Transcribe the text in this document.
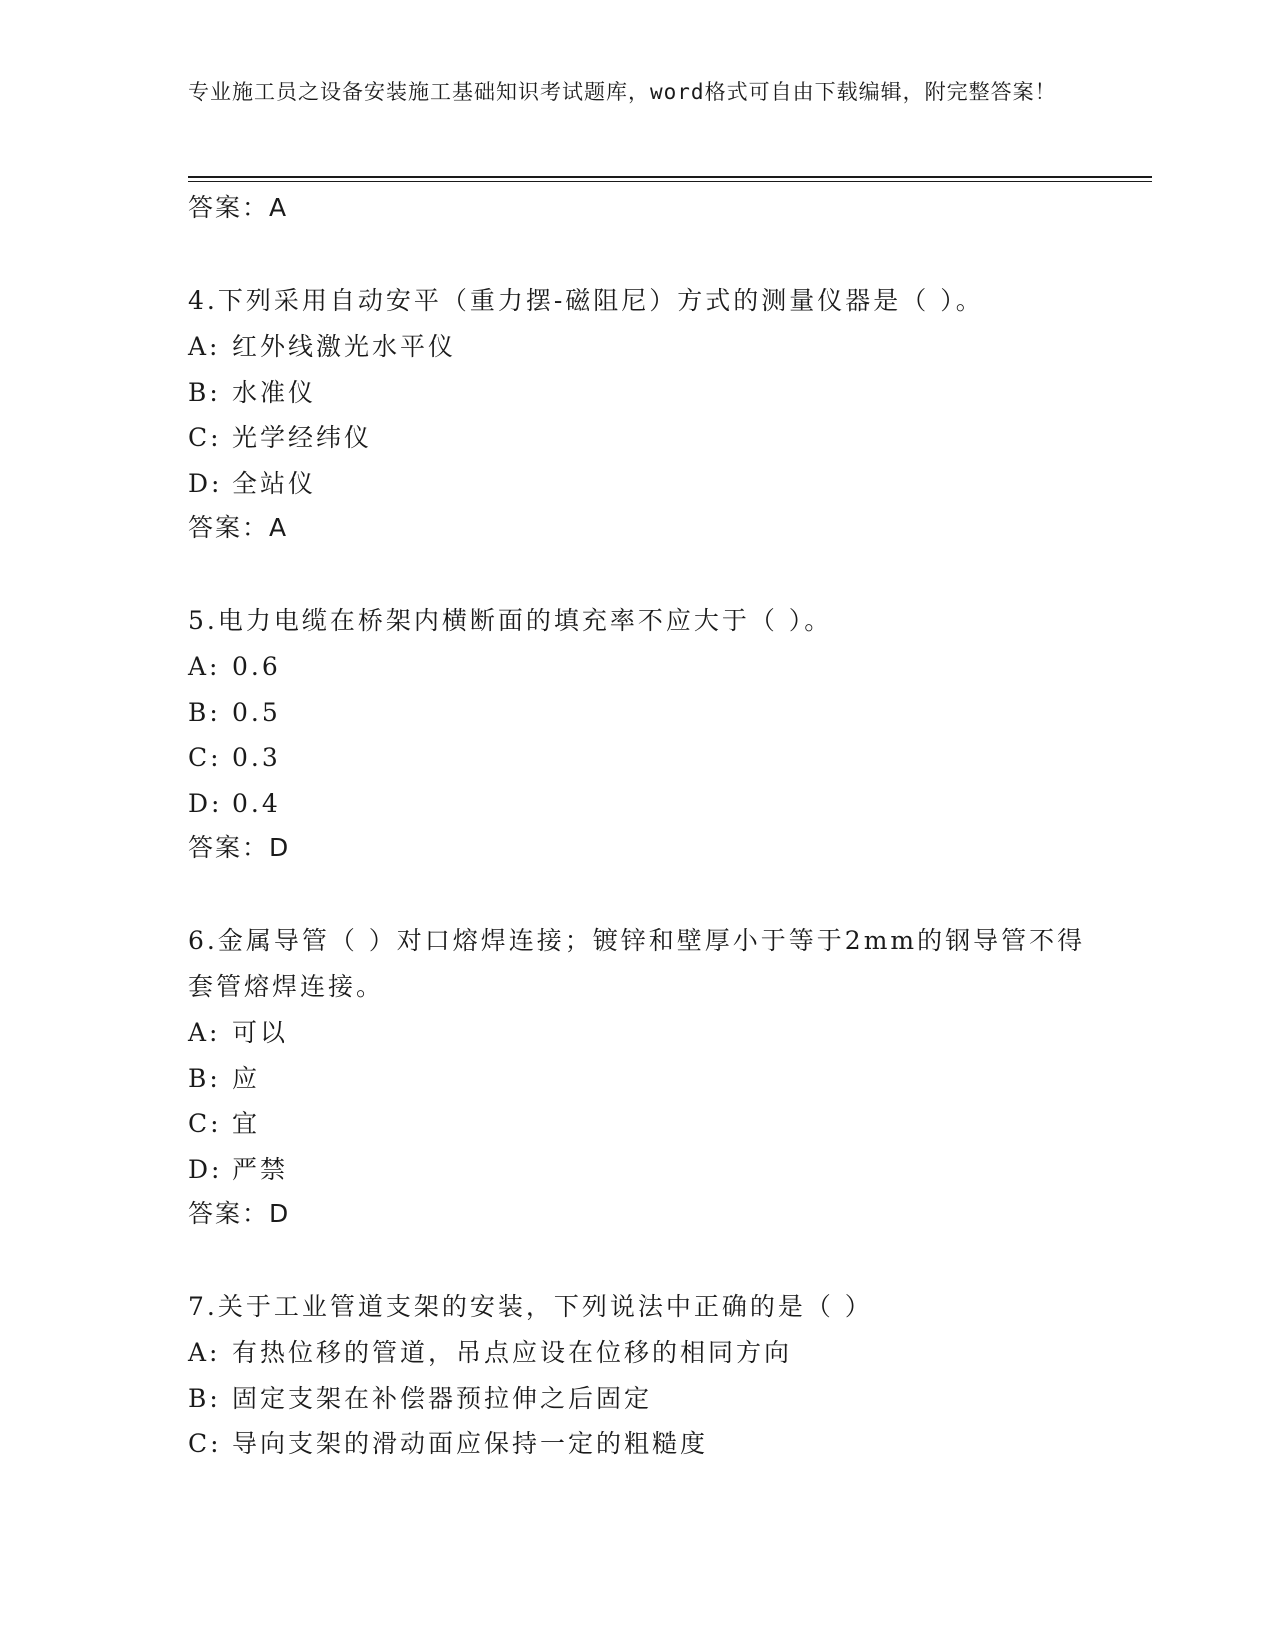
专业施工员之设备安装施工基础知识考试题库，word格式可自由下载编辑，附完整答案！
答案：A
4.下列采用自动安平（重力摆-磁阻尼）方式的测量仪器是（ ）。
A: 红外线激光水平仪
B: 水准仪
C: 光学经纬仪
D: 全站仪
答案：A
5.电力电缆在桥架内横断面的填充率不应大于（ ）。
A: 0.6
B: 0.5
C: 0.3
D: 0.4
答案：D
6.金属导管（ ）对口熔焊连接；镀锌和壁厚小于等于2mm的钢导管不得套管熔焊连接。
A: 可以
B: 应
C: 宜
D: 严禁
答案：D
7.关于工业管道支架的安装，下列说法中正确的是（ ）
A: 有热位移的管道，吊点应设在位移的相同方向
B: 固定支架在补偿器预拉伸之后固定
C: 导向支架的滑动面应保持一定的粗糙度
